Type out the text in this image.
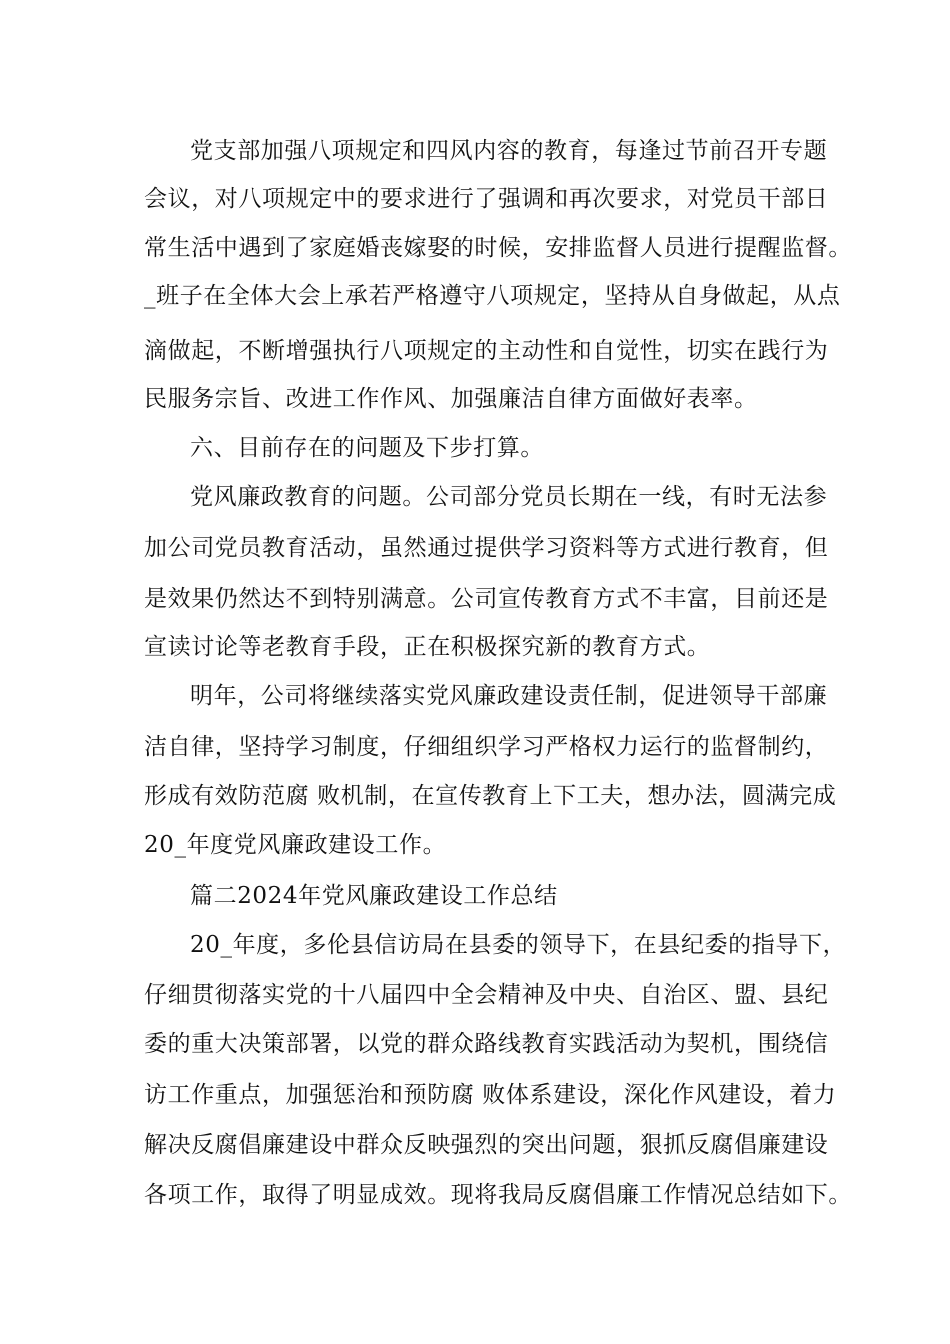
党支部加强八项规定和四风内容的教育，每逢过节前召开专题
会议，对八项规定中的要求进行了强调和再次要求，对党员干部日
常生活中遇到了家庭婚丧嫁娶的时候，安排监督人员进行提醒监督。
_班子在全体大会上承若严格遵守八项规定，坚持从自身做起，从点
滴做起，不断增强执行八项规定的主动性和自觉性，切实在践行为
民服务宗旨、改进工作作风、加强廉洁自律方面做好表率。
六、目前存在的问题及下步打算。
党风廉政教育的问题。公司部分党员长期在一线，有时无法参
加公司党员教育活动，虽然通过提供学习资料等方式进行教育，但
是效果仍然达不到特别满意。公司宣传教育方式不丰富，目前还是
宣读讨论等老教育手段，正在积极探究新的教育方式。
明年，公司将继续落实党风廉政建设责任制，促进领导干部廉
洁自律，坚持学习制度，仔细组织学习严格权力运行的监督制约，
形成有效防范腐 败机制，在宣传教育上下工夫，想办法，圆满完成
20_年度党风廉政建设工作。
篇二2024年党风廉政建设工作总结
20_年度，多伦县信访局在县委的领导下，在县纪委的指导下，
仔细贯彻落实党的十八届四中全会精神及中央、自治区、盟、县纪
委的重大决策部署，以党的群众路线教育实践活动为契机，围绕信
访工作重点，加强惩治和预防腐 败体系建设，深化作风建设，着力
解决反腐倡廉建设中群众反映强烈的突出问题，狠抓反腐倡廉建设
各项工作，取得了明显成效。现将我局反腐倡廉工作情况总结如下。
